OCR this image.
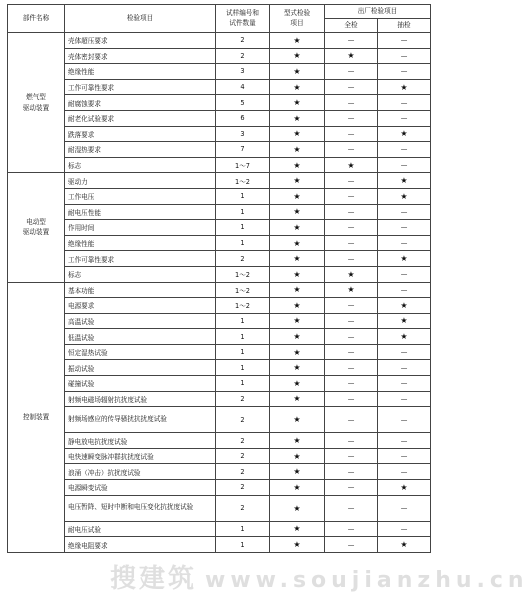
部件名称	检验项目	试样编号和
试件数量	型式检验
项目	出厂检验项目	
				全检	抽检
燃气型
驱动装置	壳体超压要求	2	★	—	—
	壳体密封要求	2	★	★	—
	绝缘性能	3	★	—	—
	工作可靠性要求	4	★	—	★
	耐腐蚀要求	5	★	—	—
	耐老化试验要求	6	★	—	—
	跌落要求	3	★	—	★
	耐湿热要求	7	★	—	—
	标志	1～7	★	★	—
电动型
驱动装置	驱动力	1～2	★	—	★
	工作电压	1	★	—	★
	耐电压性能	1	★	—	—
	作用时间	1	★	—	—
	绝缘性能	1	★	—	—
	工作可靠性要求	2	★	—	★
	标志	1～2	★	★	—
控制装置	基本功能	1～2	★	★	—
	电源要求	1～2	★	—	★
	高温试验	1	★	—	★
	低温试验	1	★	—	★
	恒定湿热试验	1	★	—	—
	振动试验	1	★	—	—
	碰撞试验	1	★	—	—
	射频电磁场辐射抗扰度试验	2	★	—	—
	射频场感应的传导骚扰抗扰度试验	2	★	—	—
	静电放电抗扰度试验	2	★	—	—
	电快速瞬变脉冲群抗扰度试验	2	★	—	—
	浪涌（冲击）抗扰度试验	2	★	—	—
	电源瞬变试验	2	★	—	★
	电压暂降、短时中断和电压变化抗扰度试验	2	★	—	—
	耐电压试验	1	★	—	—
	绝缘电阻要求	1	★	—	★
搜建筑 www.soujianzhu.cn
